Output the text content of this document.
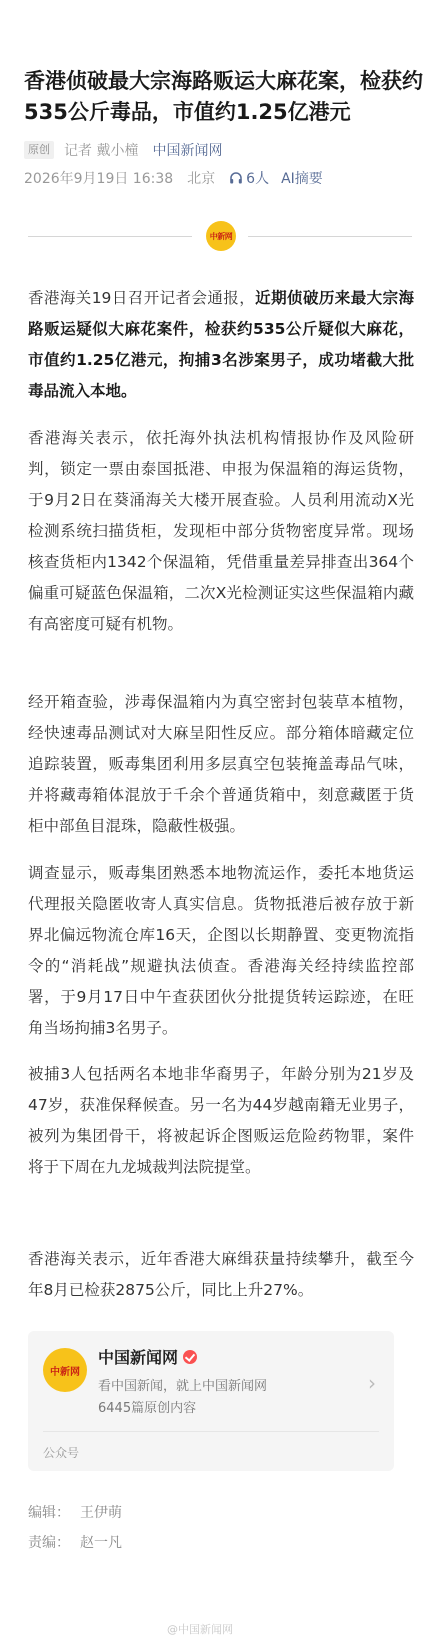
香港侦破最大宗海路贩运大麻花案，检获约535公斤毒品，市值约1.25亿港元
原创 记者 戴小橦 中国新闻网
2026年9月19日 16:38 北京 6人 AI摘要
中新网

香港海关19日召开记者会通报，近期侦破历来最大宗海路贩运疑似大麻花案件，检获约535公斤疑似大麻花，市值约1.25亿港元，拘捕3名涉案男子，成功堵截大批毒品流入本地。

香港海关表示，依托海外执法机构情报协作及风险研判，锁定一票由泰国抵港、申报为保温箱的海运货物，于9月2日在葵涌海关大楼开展查验。人员利用流动X光检测系统扫描货柜，发现柜中部分货物密度异常。现场核查货柜内1342个保温箱，凭借重量差异排查出364个偏重可疑蓝色保温箱，二次X光检测证实这些保温箱内藏有高密度可疑有机物。

经开箱查验，涉毒保温箱内为真空密封包装草本植物，经快速毒品测试对大麻呈阳性反应。部分箱体暗藏定位追踪装置，贩毒集团利用多层真空包装掩盖毒品气味，并将藏毒箱体混放于千余个普通货箱中，刻意藏匿于货柜中部鱼目混珠，隐蔽性极强。

调查显示，贩毒集团熟悉本地物流运作，委托本地货运代理报关隐匿收寄人真实信息。货物抵港后被存放于新界北偏远物流仓库16天，企图以长期静置、变更物流指令的“消耗战”规避执法侦查。香港海关经持续监控部署，于9月17日中午查获团伙分批提货转运踪迹，在旺角当场拘捕3名男子。

被捕3人包括两名本地非华裔男子，年龄分别为21岁及47岁，获准保释候查。另一名为44岁越南籍无业男子，被列为集团骨干，将被起诉企图贩运危险药物罪，案件将于下周在九龙城裁判法院提堂。

香港海关表示，近年香港大麻缉获量持续攀升，截至今年8月已检获2875公斤，同比上升27%。

中新网
中国新闻网
看中国新闻，就上中国新闻网
6445篇原创内容
›
公众号
编辑： 王伊萌
责编： 赵一凡
@中国新闻网
